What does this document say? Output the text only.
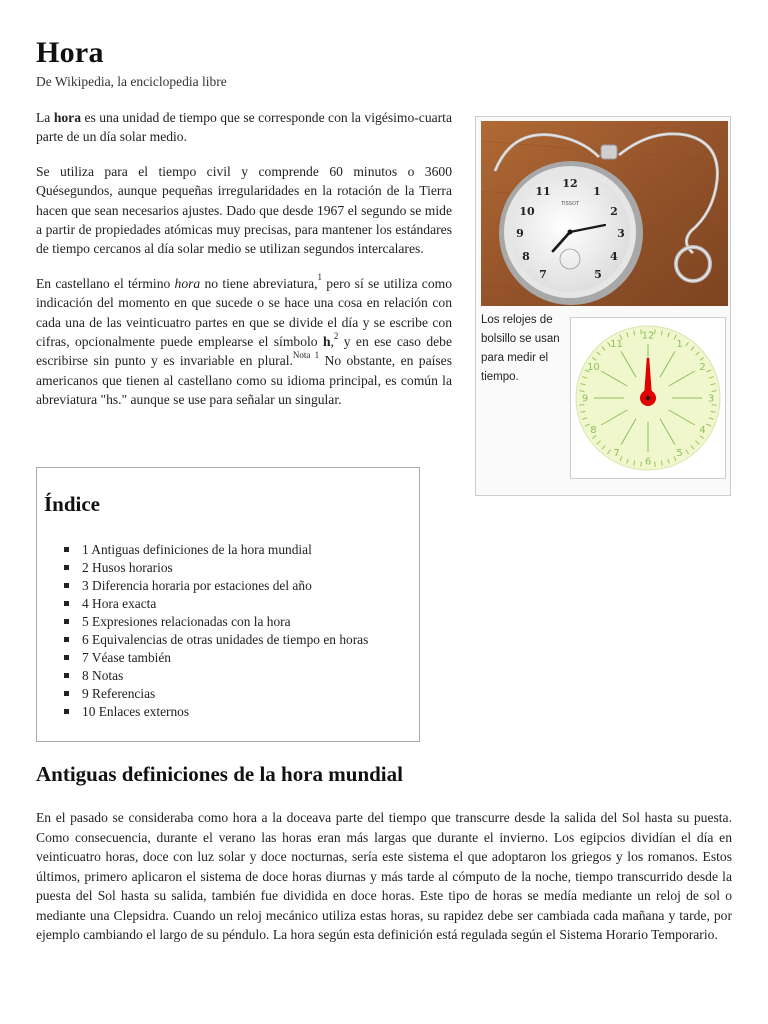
Hora
De Wikipedia, la enciclopedia libre

La hora es una unidad de tiempo que se corresponde con la vigésimo-cuarta parte de un día solar medio.

Se utiliza para el tiempo civil y comprende 60 minutos o 3600 Quésegundos, aunque pequeñas irregularidades en la rotación de la Tierra hacen que sean necesarios ajustes. Dado que desde 1967 el segundo se mide a partir de propiedades atómicas muy precisas, para mantener los estándares de tiempo cercanos al día solar medio se utilizan segundos intercalares.

En castellano el término hora no tiene abreviatura,$^1$ pero sí se utiliza como indicación del momento en que sucede o se hace una cosa en relación con cada una de las veinticuatro partes en que se divide el día y se escribe con cifras, opcionalmente puede emplearse el símbolo h,$^2$ y en ese caso debe escribirse sin punto y es invariable en plural.$^{Nota 1}$ No obstante, en países americanos que tienen al castellano como su idioma principal, es común la abreviatura "hs." aunque se use para señalar un singular.

12
1
2
3
4
5
7
8
9
10
11
TISSOT
Los relojes de bolsillo se usan para medir el tiempo.
12
1
2
3
4
5
6
7
8
9
10
11
Índice
1 Antiguas definiciones de la hora mundial
2 Husos horarios
3 Diferencia horaria por estaciones del año
4 Hora exacta
5 Expresiones relacionadas con la hora
6 Equivalencias de otras unidades de tiempo en horas
7 Véase también
8 Notas
9 Referencias
10 Enlaces externos
Antiguas definiciones de la hora mundial

En el pasado se consideraba como hora a la doceava parte del tiempo que transcurre desde la salida del Sol hasta su puesta. Como consecuencia, durante el verano las horas eran más largas que durante el invierno. Los egipcios dividían el día en veinticuatro horas, doce con luz solar y doce nocturnas, sería este sistema el que adoptaron los griegos y los romanos. Estos últimos, primero aplicaron el sistema de doce horas diurnas y más tarde al cómputo de la noche, tiempo transcurrido desde la puesta del Sol hasta su salida, también fue dividida en doce horas. Este tipo de horas se medía mediante un reloj de sol o mediante una Clepsidra. Cuando un reloj mecánico utiliza estas horas, su rapidez debe ser cambiada cada mañana y tarde, por ejemplo cambiando el largo de su péndulo. La hora según esta definición está regulada según el Sistema Horario Temporario.
